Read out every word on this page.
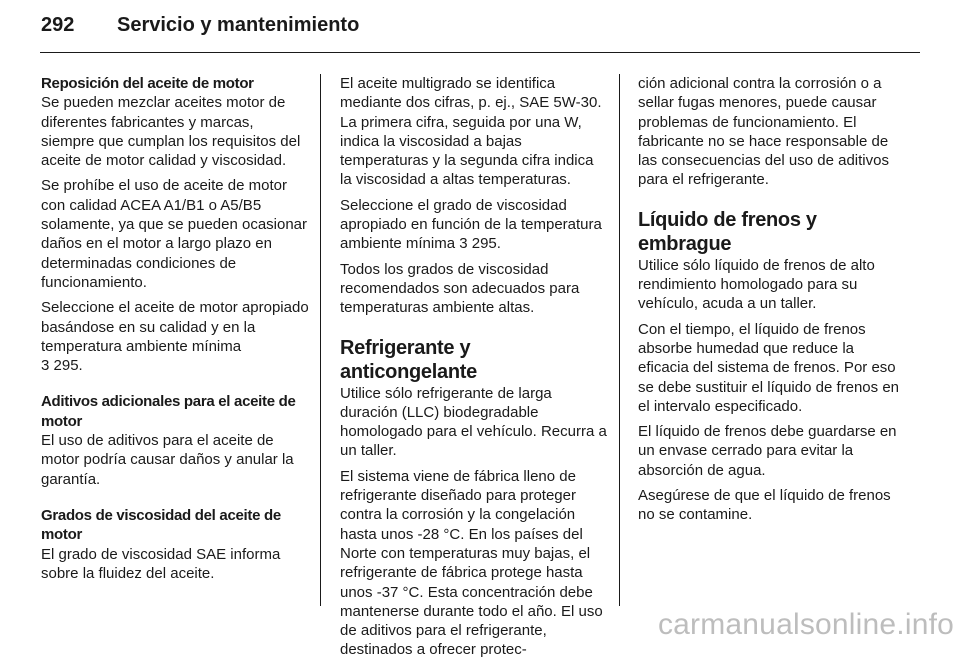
292	Servicio y mantenimiento
Reposición del aceite de motor

Se pueden mezclar aceites motor de diferentes fabricantes y marcas, siempre que cumplan los requisitos del aceite de motor calidad y viscosidad.

Se prohíbe el uso de aceite de motor con calidad ACEA A1/B1 o A5/B5 solamente, ya que se pueden ocasionar daños en el motor a largo plazo en determinadas condiciones de funcionamiento.

Seleccione el aceite de motor apropiado basándose en su calidad y en la temperatura ambiente mínima
3 295.

Aditivos adicionales para el aceite de motor

El uso de aditivos para el aceite de motor podría causar daños y anular la garantía.

Grados de viscosidad del aceite de motor

El grado de viscosidad SAE informa sobre la fluidez del aceite.

El aceite multigrado se identifica mediante dos cifras, p. ej., SAE 5W-30. La primera cifra, seguida por una W, indica la viscosidad a bajas temperaturas y la segunda cifra indica la viscosidad a altas temperaturas.

Seleccione el grado de viscosidad apropiado en función de la temperatura ambiente mínima 3 295.

Todos los grados de viscosidad recomendados son adecuados para temperaturas ambiente altas.

Refrigerante y anticongelante

Utilice sólo refrigerante de larga duración (LLC) biodegradable homologado para el vehículo. Recurra a un taller.

El sistema viene de fábrica lleno de refrigerante diseñado para proteger contra la corrosión y la congelación hasta unos -28 °C. En los países del Norte con temperaturas muy bajas, el refrigerante de fábrica protege hasta unos -37 °C. Esta concentración debe mantenerse durante todo el año. El uso de aditivos para el refrigerante, destinados a ofrecer protec-

ción adicional contra la corrosión o a sellar fugas menores, puede causar problemas de funcionamiento. El fabricante no se hace responsable de las consecuencias del uso de aditivos para el refrigerante.

Líquido de frenos y embrague

Utilice sólo líquido de frenos de alto rendimiento homologado para su vehículo, acuda a un taller.

Con el tiempo, el líquido de frenos absorbe humedad que reduce la eficacia del sistema de frenos. Por eso se debe sustituir el líquido de frenos en el intervalo especificado.

El líquido de frenos debe guardarse en un envase cerrado para evitar la absorción de agua.

Asegúrese de que el líquido de frenos no se contamine.

carmanualsonline.info
